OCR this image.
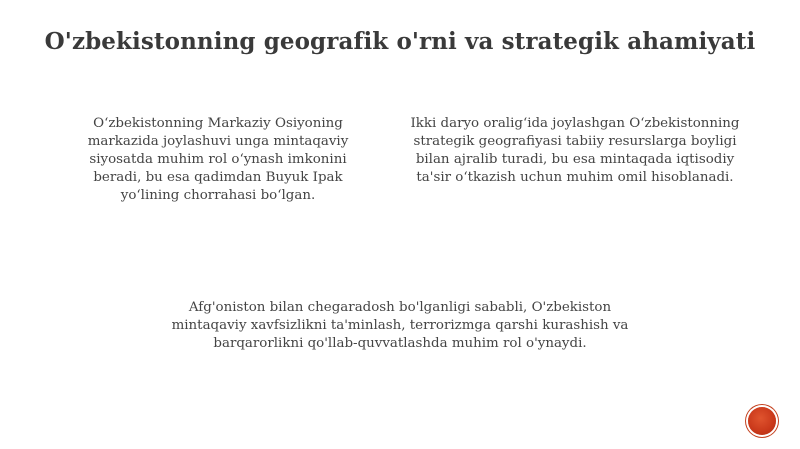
O'zbekistonning geografik o'rni va strategik ahamiyati

O‘zbekistonning Markaziy Osiyoning markazida joylashuvi unga mintaqaviy siyosatda muhim rol o‘ynash imkonini beradi, bu esa qadimdan Buyuk Ipak yo‘lining chorrahasi bo‘lgan.

Ikki daryo oralig‘ida joylashgan O‘zbekistonning strategik geografiyasi tabiiy resurslarga boyligi bilan ajralib turadi, bu esa mintaqada iqtisodiy ta'sir o‘tkazish uchun muhim omil hisoblanadi.

Afg'oniston bilan chegaradosh bo'lganligi sababli, O'zbekiston mintaqaviy xavfsizlikni ta'minlash, terrorizmga qarshi kurashish va barqarorlikni qo'llab-quvvatlashda muhim rol o'ynaydi.
